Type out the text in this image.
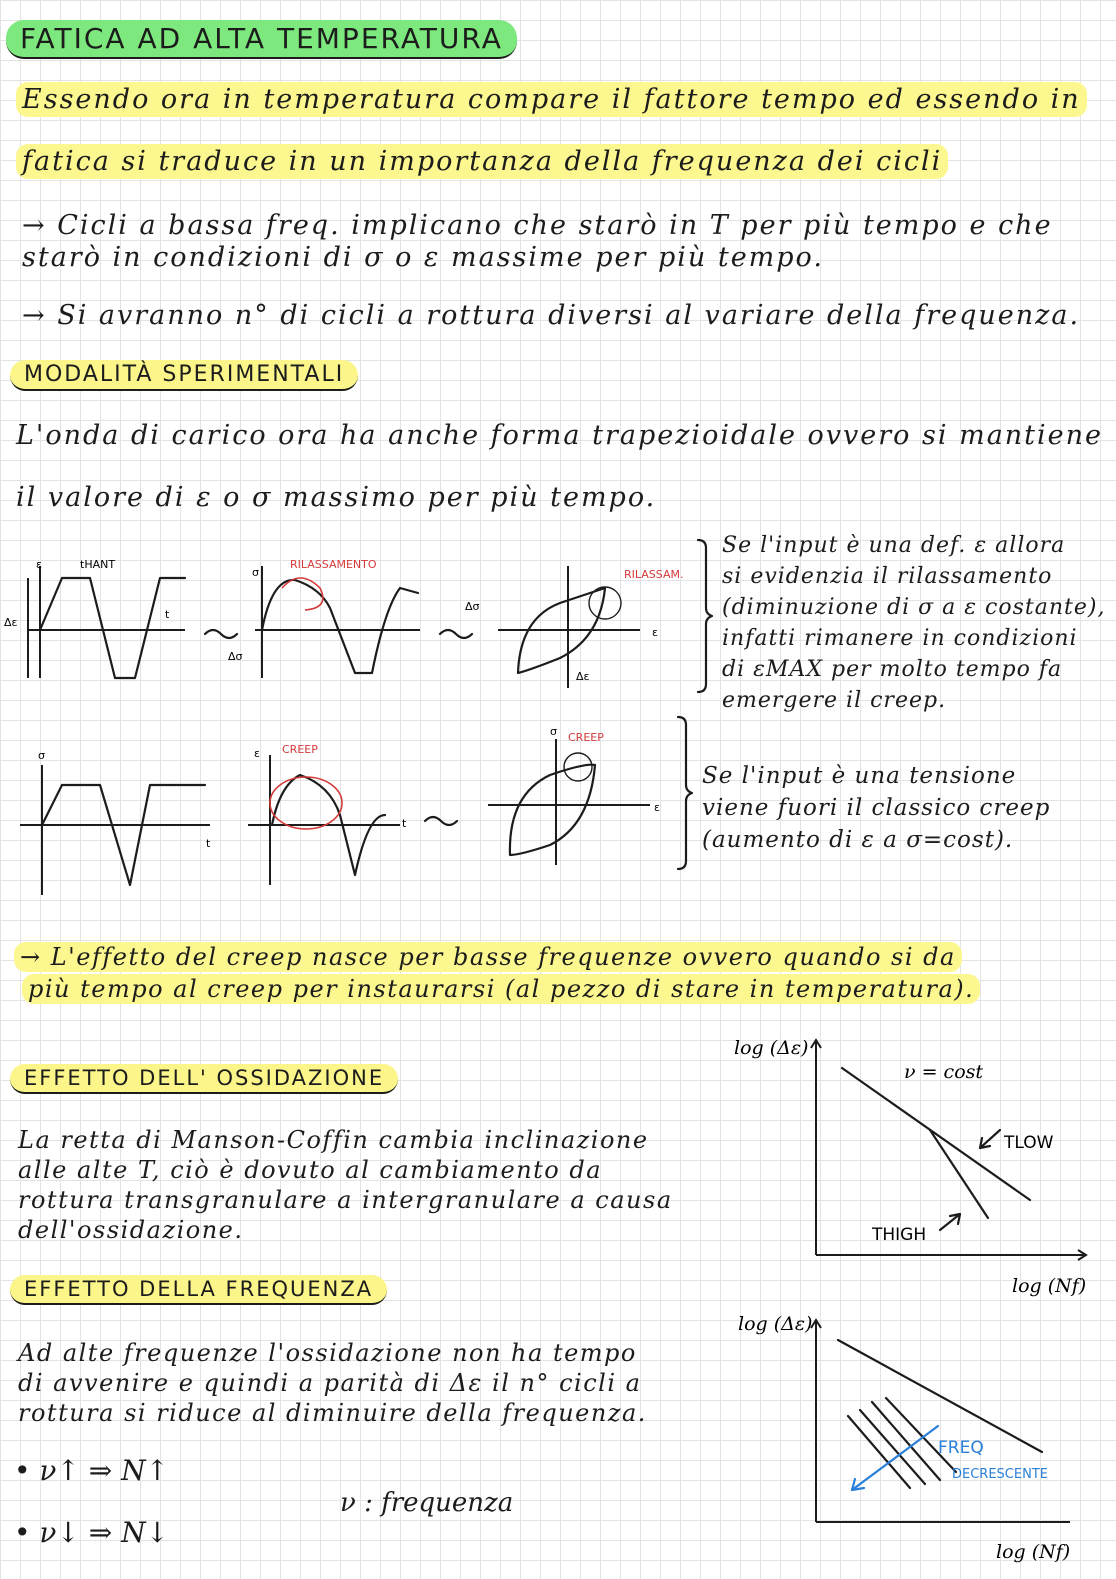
FATICA AD ALTA TEMPERATURA
Essendo ora in temperatura compare il fattore tempo ed essendo in
fatica si traduce in un importanza della frequenza dei cicli
→ Cicli a bassa freq. implicano che starò in T per più tempo e che
starò in condizioni di σ o ε massime per più tempo.
→ Si avranno n° di cicli a rottura diversi al variare della frequenza.
MODALITÀ SPERIMENTALI
L'onda di carico ora ha anche forma trapezioidale ovvero si mantiene
il valore di ε o σ massimo per più tempo.
ε	tHANT
t
Δε
σ
RILASSAMENTO
Δσ
Δσ
RILASSAM.
ε
Δε
Se l'input è una def. ε allora
si evidenzia il rilassamento
(diminuzione di σ a ε costante),
infatti rimanere in condizioni
di εMAX per molto tempo fa
emergere il creep.
σ
t
ε CREEP
t
σ CREEP
ε
Se l'input è una tensione
viene fuori il classico creep
(aumento di ε a σ=cost).
→ L'effetto del creep nasce per basse frequenze ovvero quando si da
più tempo al creep per instaurarsi (al pezzo di stare in temperatura).
EFFETTO DELL' OSSIDAZIONE
La retta di Manson-Coffin cambia inclinazione
alle alte T, ciò è dovuto al cambiamento da
rottura transgranulare a intergranulare a causa
dell'ossidazione.
log (Δε)
ν = cost
TLOW
THIGH
log (Nf)
EFFETTO DELLA FREQUENZA
Ad alte frequenze l'ossidazione non ha tempo
di avvenire e quindi a parità di Δε il n° cicli a
rottura si riduce al diminuire della frequenza.
• ν↑ ⇒ N↑
• ν↓ ⇒ N↓
ν : frequenza
log (Δε)
FREQ
DECRESCENTE
log (Nf)
